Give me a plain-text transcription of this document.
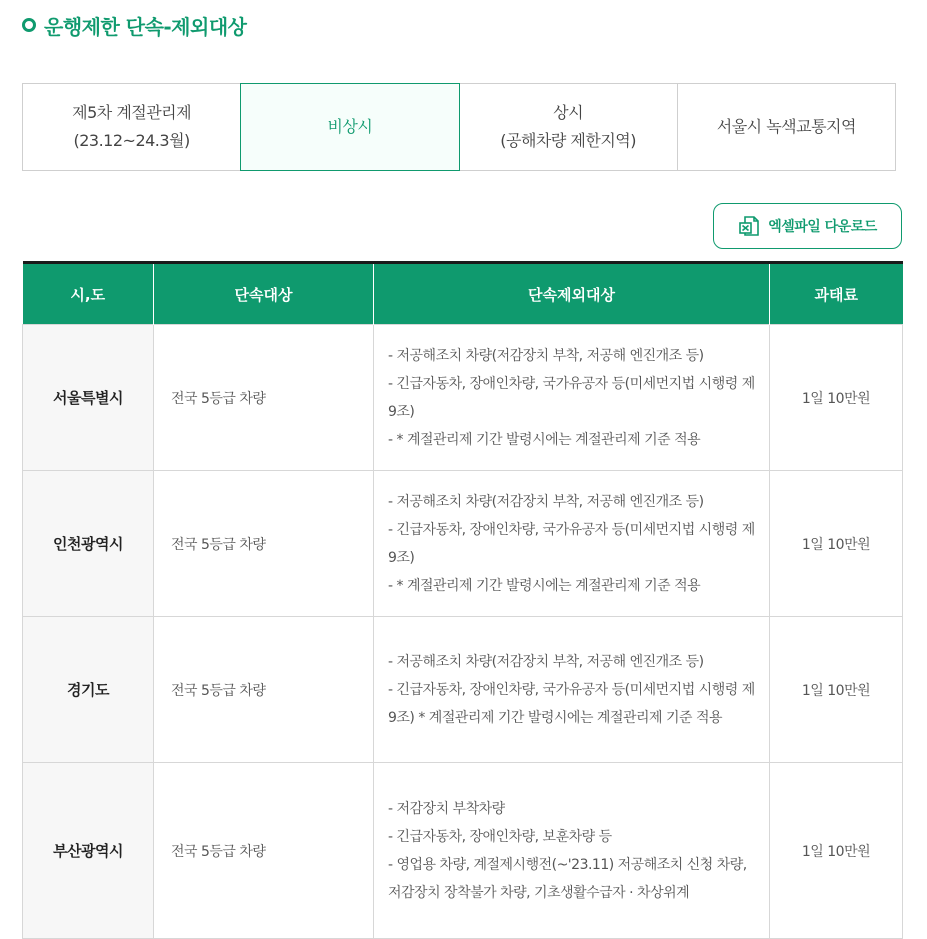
운행제한 단속-제외대상
제5차 계절관리제
(23.12~24.3월)
비상시
상시
(공해차량 제한지역)
서울시 녹색교통지역
엑셀파일 다운로드
시,도	단속대상	단속제외대상	과태료
서울특별시	전국 5등급 차량	- 저공해조치 차량(저감장치 부착, 저공해 엔진개조 등)
- 긴급자동차, 장애인차량, 국가유공자 등(미세먼지법 시행령 제9조)
- * 계절관리제 기간 발령시에는 계절관리제 기준 적용	1일 10만원
인천광역시	전국 5등급 차량	- 저공해조치 차량(저감장치 부착, 저공해 엔진개조 등)
- 긴급자동차, 장애인차량, 국가유공자 등(미세먼지법 시행령 제9조)
- * 계절관리제 기간 발령시에는 계절관리제 기준 적용	1일 10만원
경기도	전국 5등급 차량	- 저공해조치 차량(저감장치 부착, 저공해 엔진개조 등)
- 긴급자동차, 장애인차량, 국가유공자 등(미세먼지법 시행령 제9조) * 계절관리제 기간 발령시에는 계절관리제 기준 적용	1일 10만원
부산광역시	전국 5등급 차량	- 저감장치 부착차량
- 긴급자동차, 장애인차량, 보훈차량 등
- 영업용 차량, 계절제시행전(~'23.11) 저공해조치 신청 차량, 저감장치 장착불가 차량, 기초생활수급자 · 차상위계	1일 10만원
